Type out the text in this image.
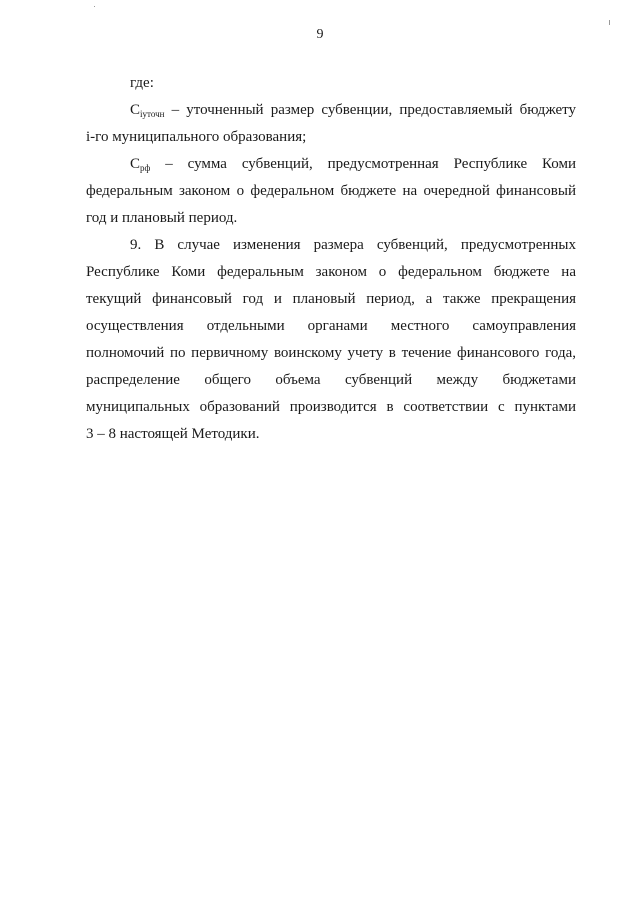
9
где:
$C_{iуточн}$ – уточненный размер субвенции, предоставляемый бюджету
i-го муниципального образования;
$C_{рф}$ – сумма субвенций, предусмотренная Республике Коми
федеральным законом о федеральном бюджете на очередной финансовый
год и плановый период.
9. В случае изменения размера субвенций, предусмотренных
Республике Коми федеральным законом о федеральном бюджете на
текущий финансовый год и плановый период, а также прекращения
осуществления отдельными органами местного самоуправления
полномочий по первичному воинскому учету в течение финансового года,
распределение общего объема субвенций между бюджетами
муниципальных образований производится в соответствии с пунктами
3 – 8 настоящей Методики.
